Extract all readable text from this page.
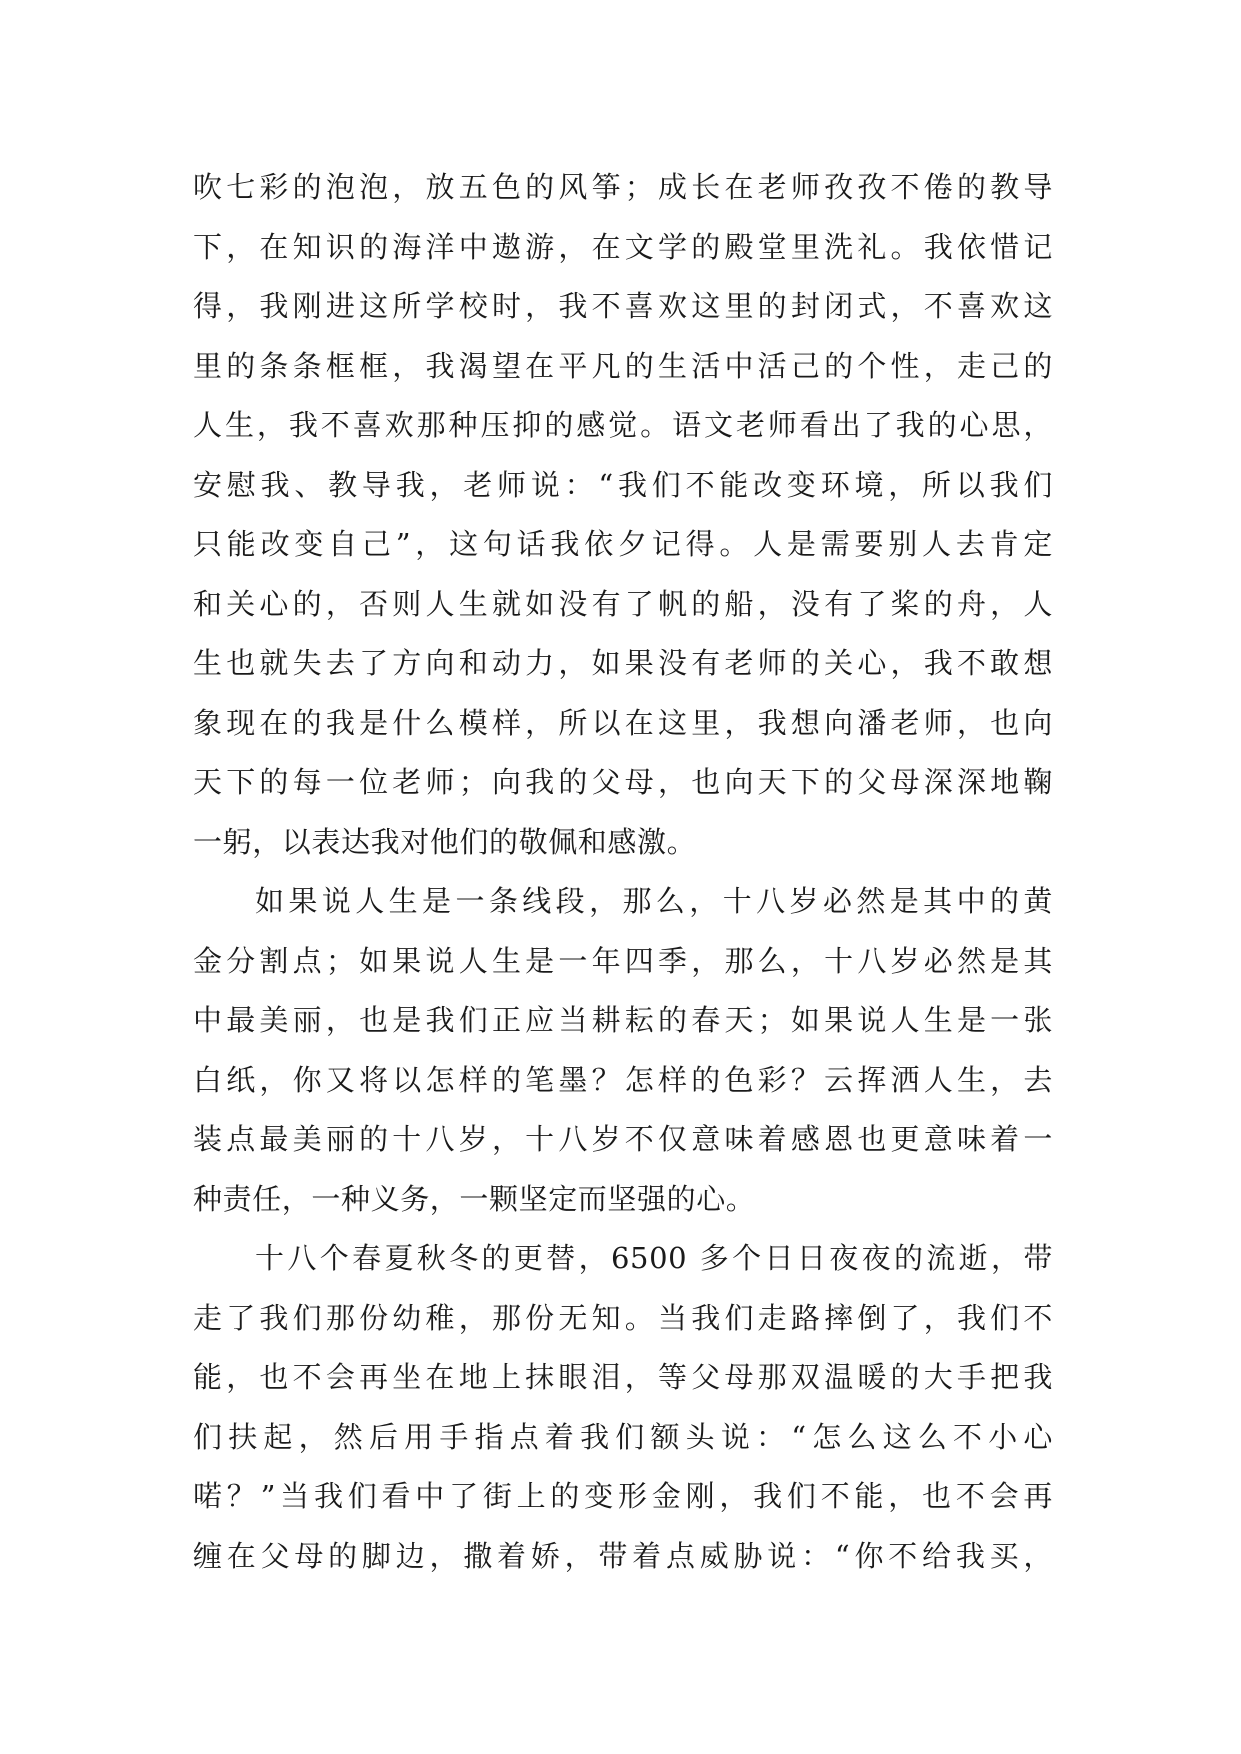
吹七彩的泡泡，放五色的风筝；成长在老师孜孜不倦的教导
下，在知识的海洋中遨游，在文学的殿堂里洗礼。我依惜记
得，我刚进这所学校时，我不喜欢这里的封闭式，不喜欢这
里的条条框框，我渴望在平凡的生活中活己的个性，走己的
人生，我不喜欢那种压抑的感觉。语文老师看出了我的心思，
安慰我、教导我，老师说：“我们不能改变环境，所以我们
只能改变自己”，这句话我依夕记得。人是需要别人去肯定
和关心的，否则人生就如没有了帆的船，没有了桨的舟，人
生也就失去了方向和动力，如果没有老师的关心，我不敢想
象现在的我是什么模样，所以在这里，我想向潘老师，也向
天下的每一位老师；向我的父母，也向天下的父母深深地鞠
一躬，以表达我对他们的敬佩和感激。
如果说人生是一条线段，那么，十八岁必然是其中的黄
金分割点；如果说人生是一年四季，那么，十八岁必然是其
中最美丽，也是我们正应当耕耘的春天；如果说人生是一张
白纸，你又将以怎样的笔墨？怎样的色彩？云挥洒人生，去
装点最美丽的十八岁，十八岁不仅意味着感恩也更意味着一
种责任，一种义务，一颗坚定而坚强的心。
十八个春夏秋冬的更替，6500 多个日日夜夜的流逝，带
走了我们那份幼稚，那份无知。当我们走路摔倒了，我们不
能，也不会再坐在地上抹眼泪，等父母那双温暖的大手把我
们扶起，然后用手指点着我们额头说：“怎么这么不小心
喏？”当我们看中了街上的变形金刚，我们不能，也不会再
缠在父母的脚边，撒着娇，带着点威胁说：“你不给我买，
